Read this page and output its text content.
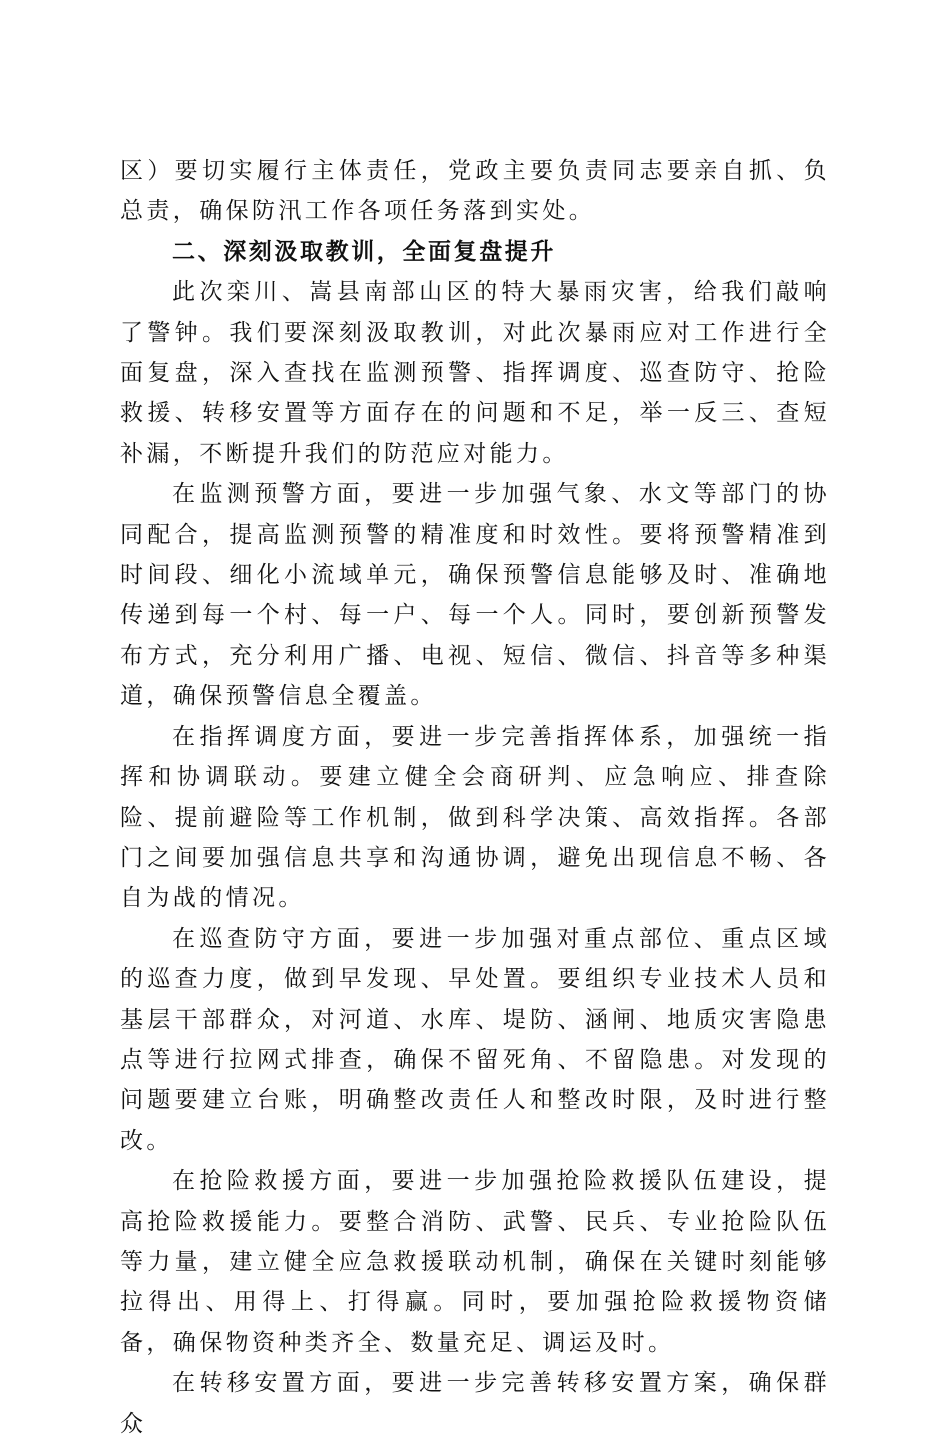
区）要切实履行主体责任，党政主要负责同志要亲自抓、负总责，确保防汛工作各项任务落到实处。

二、深刻汲取教训，全面复盘提升

此次栾川、嵩县南部山区的特大暴雨灾害，给我们敲响了警钟。我们要深刻汲取教训，对此次暴雨应对工作进行全面复盘，深入查找在监测预警、指挥调度、巡查防守、抢险救援、转移安置等方面存在的问题和不足，举一反三、查短补漏，不断提升我们的防范应对能力。

在监测预警方面，要进一步加强气象、水文等部门的协同配合，提高监测预警的精准度和时效性。要将预警精准到时间段、细化小流域单元，确保预警信息能够及时、准确地传递到每一个村、每一户、每一个人。同时，要创新预警发布方式，充分利用广播、电视、短信、微信、抖音等多种渠道，确保预警信息全覆盖。

在指挥调度方面，要进一步完善指挥体系，加强统一指挥和协调联动。要建立健全会商研判、应急响应、排查除险、提前避险等工作机制，做到科学决策、高效指挥。各部门之间要加强信息共享和沟通协调，避免出现信息不畅、各自为战的情况。

在巡查防守方面，要进一步加强对重点部位、重点区域的巡查力度，做到早发现、早处置。要组织专业技术人员和基层干部群众，对河道、水库、堤防、涵闸、地质灾害隐患点等进行拉网式排查，确保不留死角、不留隐患。对发现的问题要建立台账，明确整改责任人和整改时限，及时进行整改。

在抢险救援方面，要进一步加强抢险救援队伍建设，提高抢险救援能力。要整合消防、武警、民兵、专业抢险队伍等力量，建立健全应急救援联动机制，确保在关键时刻能够拉得出、用得上、打得赢。同时，要加强抢险救援物资储备，确保物资种类齐全、数量充足、调运及时。

在转移安置方面，要进一步完善转移安置方案，确保群众
